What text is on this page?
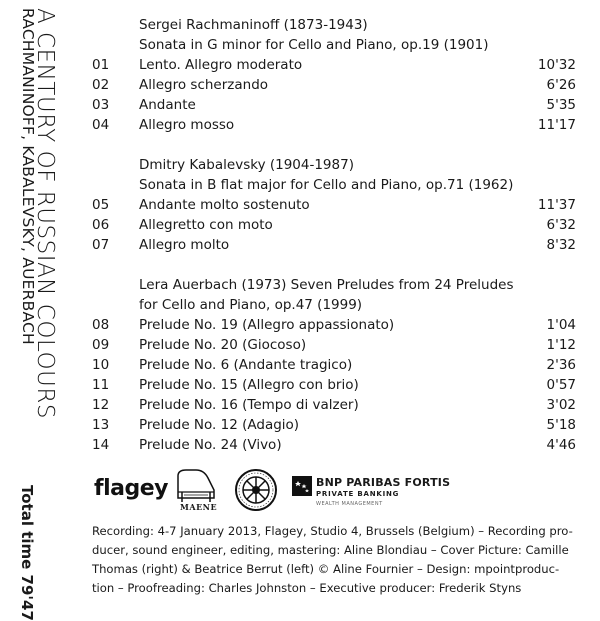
A CENTURY OF RUSSIAN COLOURS
RACHMANINOFF, KABALEVSKY, AUERBACH
Total time 79'47
Sergei Rachmaninoff (1873-1943)
Sonata in G minor for Cello and Piano, op.19 (1901)
01 Lento. Allegro moderato	10'32
02 Allegro scherzando	6'26
03 Andante	5'35
04 Allegro mosso	11'17
Dmitry Kabalevsky (1904-1987)
Sonata in B flat major for Cello and Piano, op.71 (1962)
05 Andante molto sostenuto	11'37
06 Allegretto con moto	6'32
07 Allegro molto	8'32
Lera Auerbach (1973) Seven Preludes from 24 Preludes
for Cello and Piano, op.47 (1999)
08 Prelude No. 19 (Allegro appassionato)	1'04
09 Prelude No. 20 (Giocoso)	1'12
10 Prelude No. 6 (Andante tragico)	2'36
11 Prelude No. 15 (Allegro con brio)	0'57
12 Prelude No. 16 (Tempo di valzer)	3'02
13 Prelude No. 12 (Adagio)	5'18
14 Prelude No. 24 (Vivo)	4'46
flagey
MAENE
BNP PARIBAS FORTIS
PRIVATE BANKING
WEALTH MANAGEMENT
Recording: 4-7 January 2013, Flagey, Studio 4, Brussels (Belgium) – Recording pro-
ducer, sound engineer, editing, mastering: Aline Blondiau – Cover Picture: Camille
Thomas (right) & Beatrice Berrut (left) © Aline Fournier – Design: mpointproduc-
tion – Proofreading: Charles Johnston – Executive producer: Frederik Styns
